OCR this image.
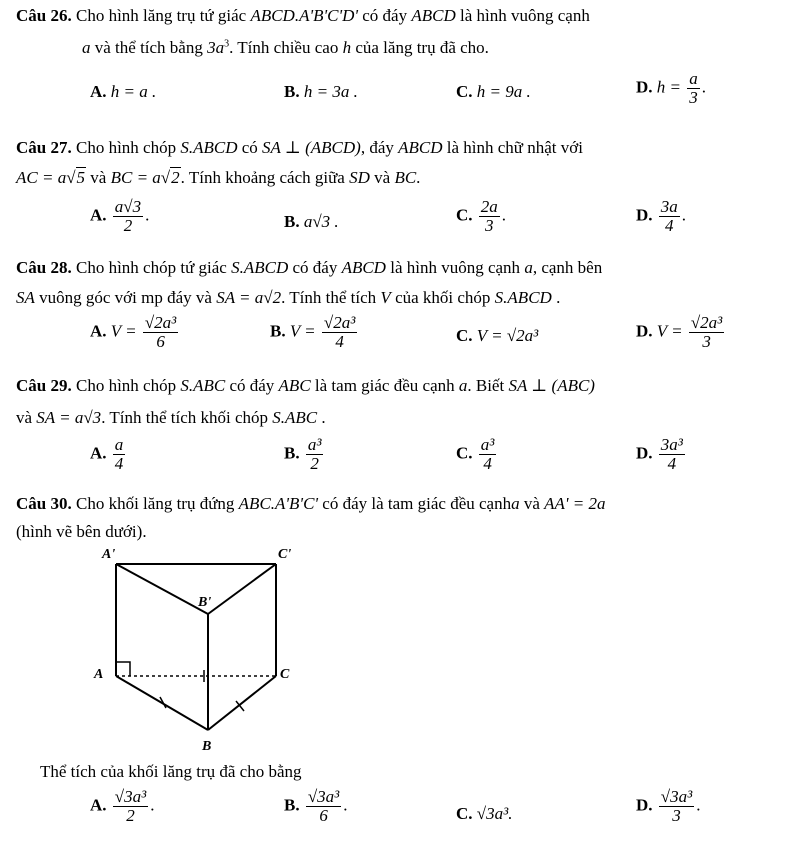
Câu 26. Cho hình lăng trụ tứ giác ABCD.A'B'C'D' có đáy ABCD là hình vuông cạnh
a và thể tích bằng $3a^3$. Tính chiều cao h của lăng trụ đã cho.
A. h = a .	B. h = 3a .	C. h = 9a .	D. $h = \frac{a}{3}$ .
Câu 27. Cho hình chóp S.ABCD có SA ⊥ (ABCD), đáy ABCD là hình chữ nhật với
AC = a√5 và BC = a√2. Tính khoảng cách giữa SD và BC.
A. $\frac{a√3}{2}$ .	B. a√3 .	C. $\frac{2a}{3}$ .	D. $\frac{3a}{4}$ .
Câu 28. Cho hình chóp tứ giác S.ABCD có đáy ABCD là hình vuông cạnh a, cạnh bên
SA vuông góc với mp đáy và SA = a√2. Tính thể tích V của khối chóp S.ABCD .
A. $V = \frac{\text{√2a³}}{6}$	B. $V = \frac{\text{√2a³}}{4}$	C. V = √2a³	D. $V = \frac{\text{√2a³}}{3}$
Câu 29. Cho hình chóp S.ABC có đáy ABC là tam giác đều cạnh a. Biết SA ⊥ (ABC)
và SA = a√3. Tính thể tích khối chóp S.ABC .
A. $\frac{a}{4}$	B. $\frac{\text{a³}}{2}$	C. $\frac{\text{a³}}{4}$	D. $\frac{\text{3a³}}{4}$
Câu 30. Cho khối lăng trụ đứng ABC.A'B'C' có đáy là tam giác đều cạnha và AA' = 2a
(hình vẽ bên dưới).
A'	C'
B'
A	C
B
Thể tích của khối lăng trụ đã cho bằng
A. $\frac{\text{√3a³}}{2}$ .	B. $\frac{\text{√3a³}}{6}$ .	C. √3a³.	D. $\frac{\text{√3a³}}{3}$ .
